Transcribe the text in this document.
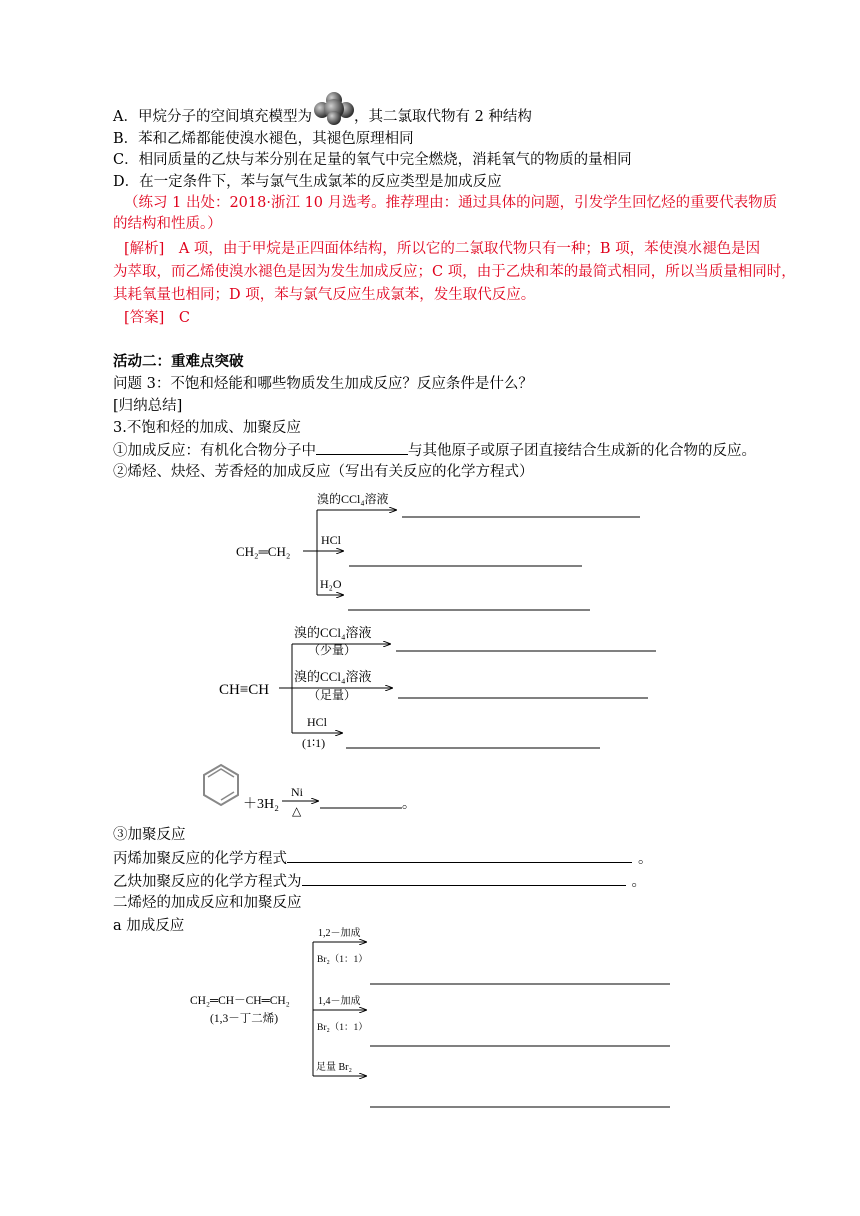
A．甲烷分子的空间填充模型为	，其二氯取代物有 2 种结构
B．苯和乙烯都能使溴水褪色，其褪色原理相同
C．相同质量的乙炔与苯分别在足量的氧气中完全燃烧，消耗氧气的物质的量相同
D．在一定条件下，苯与氯气生成氯苯的反应类型是加成反应
（练习 1 出处：2018·浙江 10 月选考。推荐理由：通过具体的问题，引发学生回忆烃的重要代表物质
的结构和性质。）
[解析]　A 项，由于甲烷是正四面体结构，所以它的二氯取代物只有一种；B 项，苯使溴水褪色是因
为萃取，而乙烯使溴水褪色是因为发生加成反应；C 项，由于乙炔和苯的最简式相同，所以当质量相同时，
其耗氧量也相同；D 项，苯与氯气反应生成氯苯，发生取代反应。
[答案]　C
活动二：重难点突破
问题 3：不饱和烃能和哪些物质发生加成反应？反应条件是什么？
[归纳总结]
3.不饱和烃的加成、加聚反应
①加成反应：有机化合物分子中	与其他原子或原子团直接结合生成新的化合物的反应。
②烯烃、炔烃、芳香烃的加成反应（写出有关反应的化学方程式）
CH₂═CH₂
溴的CCl₄溶液
HCl
H₂O
CH≡CH
溴的CCl₄溶液
（少量）
溴的CCl₄溶液
（足量）
HCl
(1∶1)
＋3H₂
Ni
△	。
CH₂═CH－CH═CH₂
(1,3－丁二烯)
1,2－加成
Br₂（1：1）
1,4－加成
Br₂（1：1）
足量 Br₂
③加聚反应
丙烯加聚反应的化学方程式	。
乙炔加聚反应的化学方程式为	。
二烯烃的加成反应和加聚反应
a 加成反应
